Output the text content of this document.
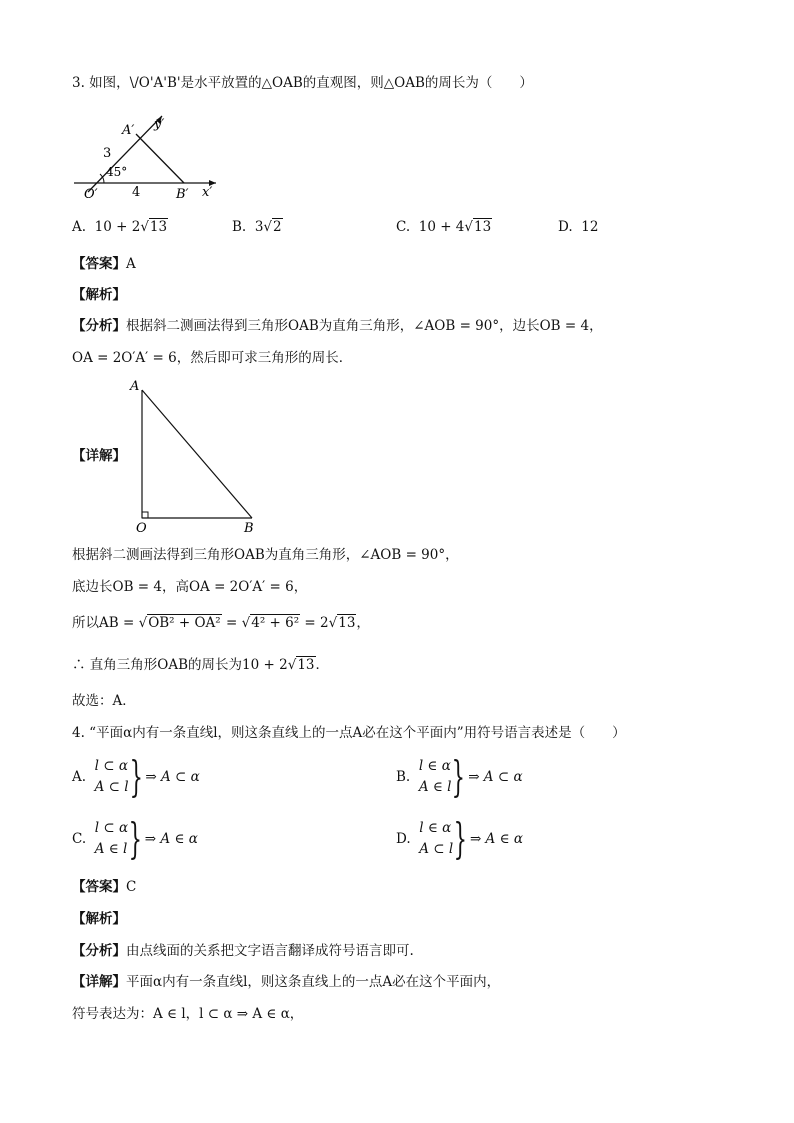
3. 如图，\/O'A'B'是水平放置的△OAB的直观图，则△OAB的周长为（　　）
A′ y′
3
45°
O′	4	B′ x′
A. 10 + 2√13	B. 3√2	C. 10 + 4√13	D. 12
【答案】A
【解析】
【分析】根据斜二测画法得到三角形OAB为直角三角形，∠AOB = 90°，边长OB = 4，
OA = 2O′A′ = 6，然后即可求三角形的周长．
【详解】
A
O	B
根据斜二测画法得到三角形OAB为直角三角形，∠AOB = 90°，
底边长OB = 4，高OA = 2O′A′ = 6，
所以AB = √OB² + OA² = √4² + 6² = 2√13，
∴ 直角三角形OAB的周长为10 + 2√13．
故选：A．
4. “平面α内有一条直线l，则这条直线上的一点A必在这个平面内”用符号语言表述是（　　）
A.  l ⊂ α
A ⊂ l} ⇒ A ⊂ α	B.  l ∈ α
A ∈ l} ⇒ A ⊂ α
C.  l ⊂ α
A ∈ l} ⇒ A ∈ α	D.  l ∈ α
A ⊂ l} ⇒ A ∈ α
【答案】C
【解析】
【分析】由点线面的关系把文字语言翻译成符号语言即可.
【详解】平面α内有一条直线l，则这条直线上的一点A必在这个平面内，
符号表达为：A ∈ l，l ⊂ α ⇒ A ∈ α，
